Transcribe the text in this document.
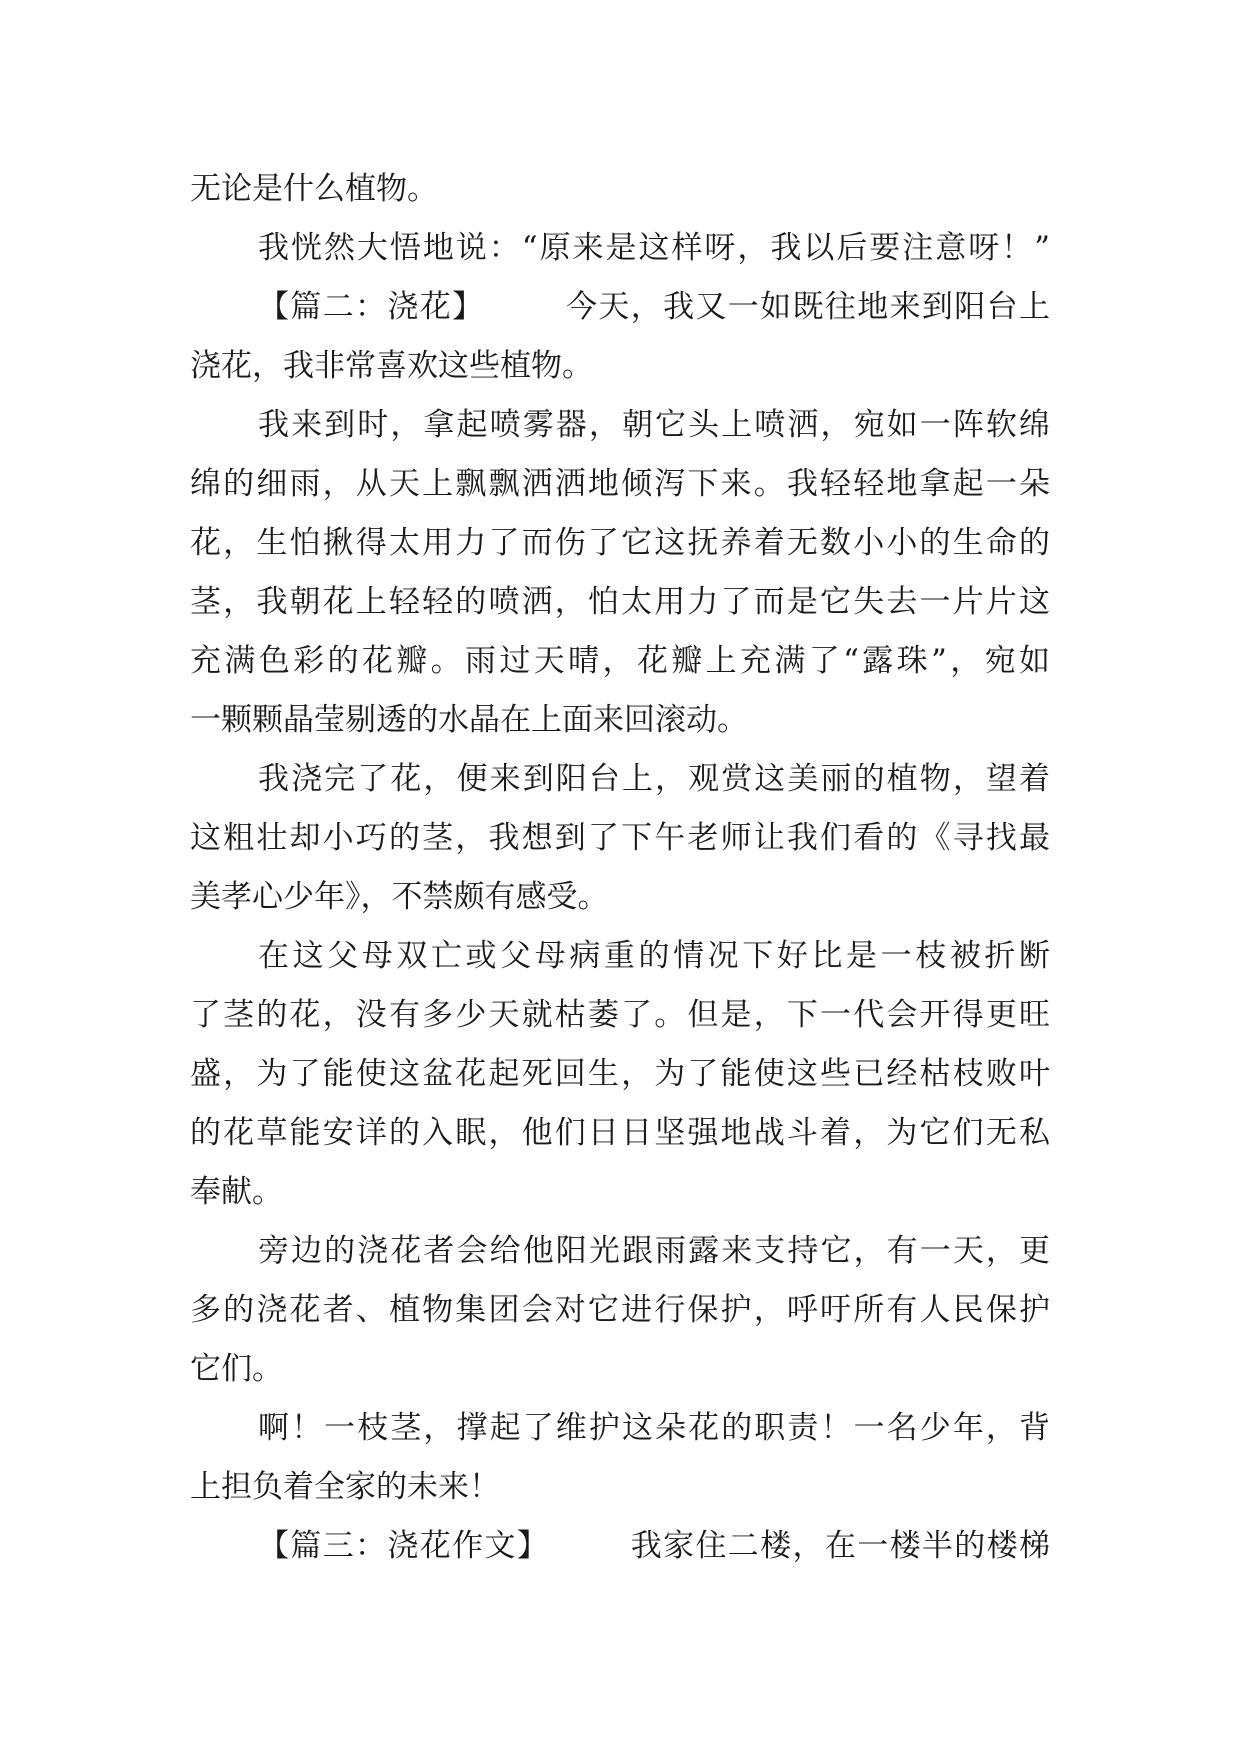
无论是什么植物。
我恍然大悟地说：“原来是这样呀，我以后要注意呀！”
【篇二：浇花】　　　今天，我又一如既往地来到阳台上
浇花，我非常喜欢这些植物。
我来到时，拿起喷雾器，朝它头上喷洒，宛如一阵软绵
绵的细雨，从天上飘飘洒洒地倾泻下来。我轻轻地拿起一朵
花，生怕揪得太用力了而伤了它这抚养着无数小小的生命的
茎，我朝花上轻轻的喷洒，怕太用力了而是它失去一片片这
充满色彩的花瓣。雨过天晴，花瓣上充满了“露珠”，宛如
一颗颗晶莹剔透的水晶在上面来回滚动。
我浇完了花，便来到阳台上，观赏这美丽的植物，望着
这粗壮却小巧的茎，我想到了下午老师让我们看的《寻找最
美孝心少年》，不禁颇有感受。
在这父母双亡或父母病重的情况下好比是一枝被折断
了茎的花，没有多少天就枯萎了。但是，下一代会开得更旺
盛，为了能使这盆花起死回生，为了能使这些已经枯枝败叶
的花草能安详的入眠，他们日日坚强地战斗着，为它们无私
奉献。
旁边的浇花者会给他阳光跟雨露来支持它，有一天，更
多的浇花者、植物集团会对它进行保护，呼吁所有人民保护
它们。
啊！一枝茎，撑起了维护这朵花的职责！一名少年，背
上担负着全家的未来！
【篇三：浇花作文】　　　我家住二楼，在一楼半的楼梯
